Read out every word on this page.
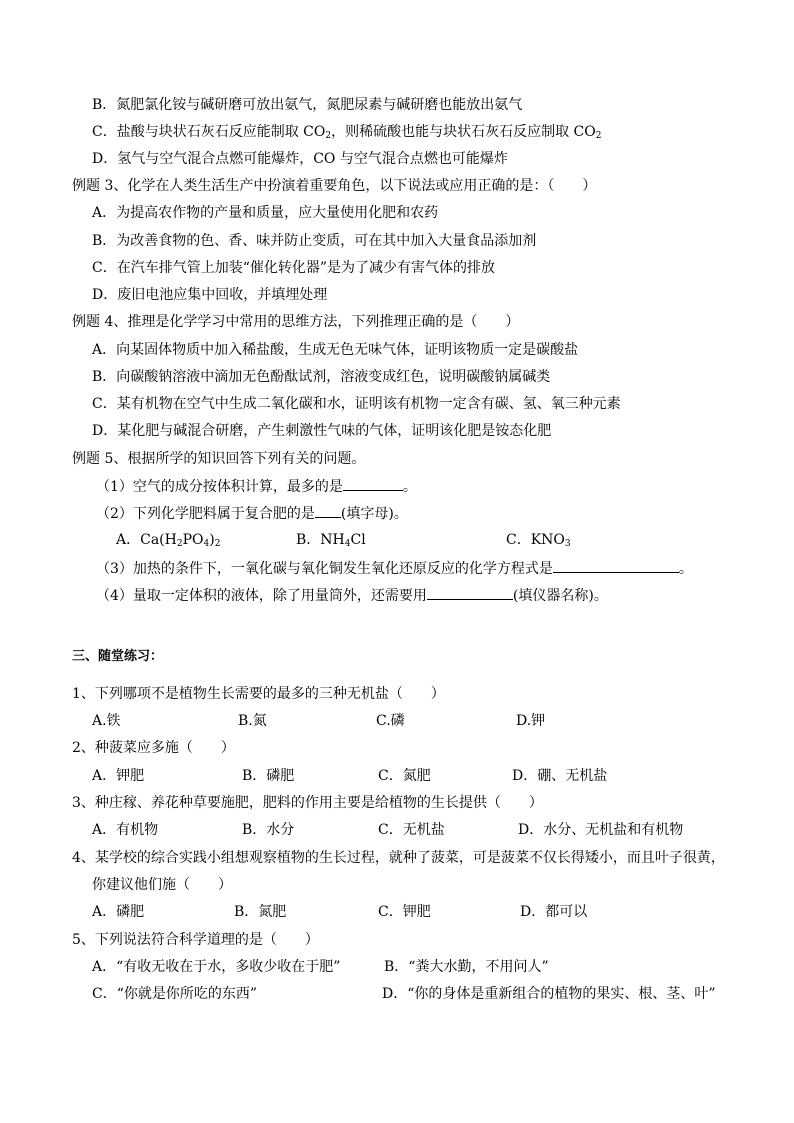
B．氮肥氯化铵与碱研磨可放出氨气，氮肥尿素与碱研磨也能放出氨气
C．盐酸与块状石灰石反应能制取 $CO_2$，则稀硫酸也能与块状石灰石反应制取 $CO_2$
D．氢气与空气混合点燃可能爆炸，CO 与空气混合点燃也可能爆炸
例题 3、化学在人类生活生产中扮演着重要角色，以下说法或应用正确的是：（　　）
A．为提高农作物的产量和质量，应大量使用化肥和农药
B．为改善食物的色、香、味并防止变质，可在其中加入大量食品添加剂
C．在汽车排气管上加装“催化转化器”是为了减少有害气体的排放
D．废旧电池应集中回收，并填埋处理
例题 4、推理是化学学习中常用的思维方法，下列推理正确的是（　　）
A．向某固体物质中加入稀盐酸，生成无色无味气体，证明该物质一定是碳酸盐
B．向碳酸钠溶液中滴加无色酚酞试剂，溶液变成红色，说明碳酸钠属碱类
C．某有机物在空气中生成二氧化碳和水，证明该有机物一定含有碳、氢、氧三种元素
D．某化肥与碱混合研磨，产生刺激性气味的气体，证明该化肥是铵态化肥
例题 5、根据所学的知识回答下列有关的问题。
（1）空气的成分按体积计算，最多的是	。
（2）下列化学肥料属于复合肥的是 (填字母)。
A．$Ca(H_2PO_4)_2$	B．$NH_4Cl$	C．$KNO_3$
（3）加热的条件下，一氧化碳与氧化铜发生氧化还原反应的化学方程式是	。
（4）量取一定体积的液体，除了用量筒外，还需要用	(填仪器名称)。
三、随堂练习：
1、下列哪项不是植物生长需要的最多的三种无机盐（　　）
A.铁	B.氮	C.磷	D.钾
2、种菠菜应多施（　　）
A．钾肥	B．磷肥	C．氮肥	D．硼、无机盐
3、种庄稼、养花种草要施肥，肥料的作用主要是给植物的生长提供（　　）
A．有机物	B．水分	C．无机盐	D．水分、无机盐和有机物
4、某学校的综合实践小组想观察植物的生长过程，就种了菠菜，可是菠菜不仅长得矮小，而且叶子很黄，
你建议他们施（　　）
A．磷肥	B．氮肥	C．钾肥	D．都可以
5、下列说法符合科学道理的是（　　）
A．“有收无收在于水，多收少收在于肥”	B．“粪大水勤，不用问人”
C．“你就是你所吃的东西”	D．“你的身体是重新组合的植物的果实、根、茎、叶”
